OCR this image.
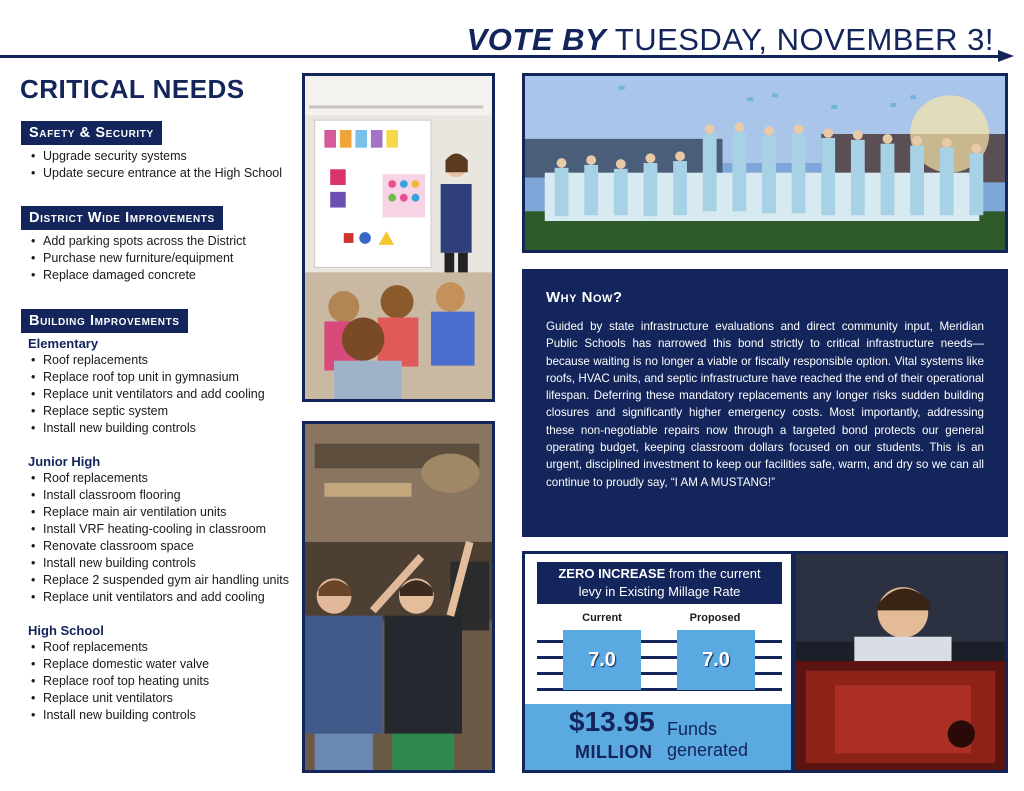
VOTE BY TUESDAY, NOVEMBER 3!
CRITICAL NEEDS
Safety & Security
• Upgrade security systems
• Update secure entrance at the High School
District Wide Improvements
• Add parking spots across the District
• Purchase new furniture/equipment
• Replace damaged concrete
Building Improvements
Elementary
• Roof replacements
• Replace roof top unit in gymnasium
• Replace unit ventilators and add cooling
• Replace septic system
• Install new building controls
Junior High
• Roof replacements
• Install classroom flooring
• Replace main air ventilation units
• Install VRF heating-cooling in classroom
• Renovate classroom space
• Install new building controls
• Replace 2 suspended gym air handling units
• Replace unit ventilators and add cooling
High School
• Roof replacements
• Replace domestic water valve
• Replace roof top heating units
• Replace unit ventilators
• Install new building controls
Why Now?
Guided by state infrastructure evaluations and direct community input, Meridian Public Schools has narrowed this bond strictly to critical infrastructure needs—because waiting is no longer a viable or fiscally responsible option. Vital systems like roofs, HVAC units, and septic infrastructure have reached the end of their operational lifespan. Deferring these mandatory replacements any longer risks sudden building closures and significantly higher emergency costs. Most importantly, addressing these non-negotiable repairs now through a targeted bond protects our general operating budget, keeping classroom dollars focused on our students. This is an urgent, disciplined investment to keep our facilities safe, warm, and dry so we can all continue to proudly say, “I AM A MUSTANG!”
ZERO INCREASE from the current
levy in Existing Millage Rate
Current	Proposed
7.0	7.0
$13.95
MILLION
Funds
generated
